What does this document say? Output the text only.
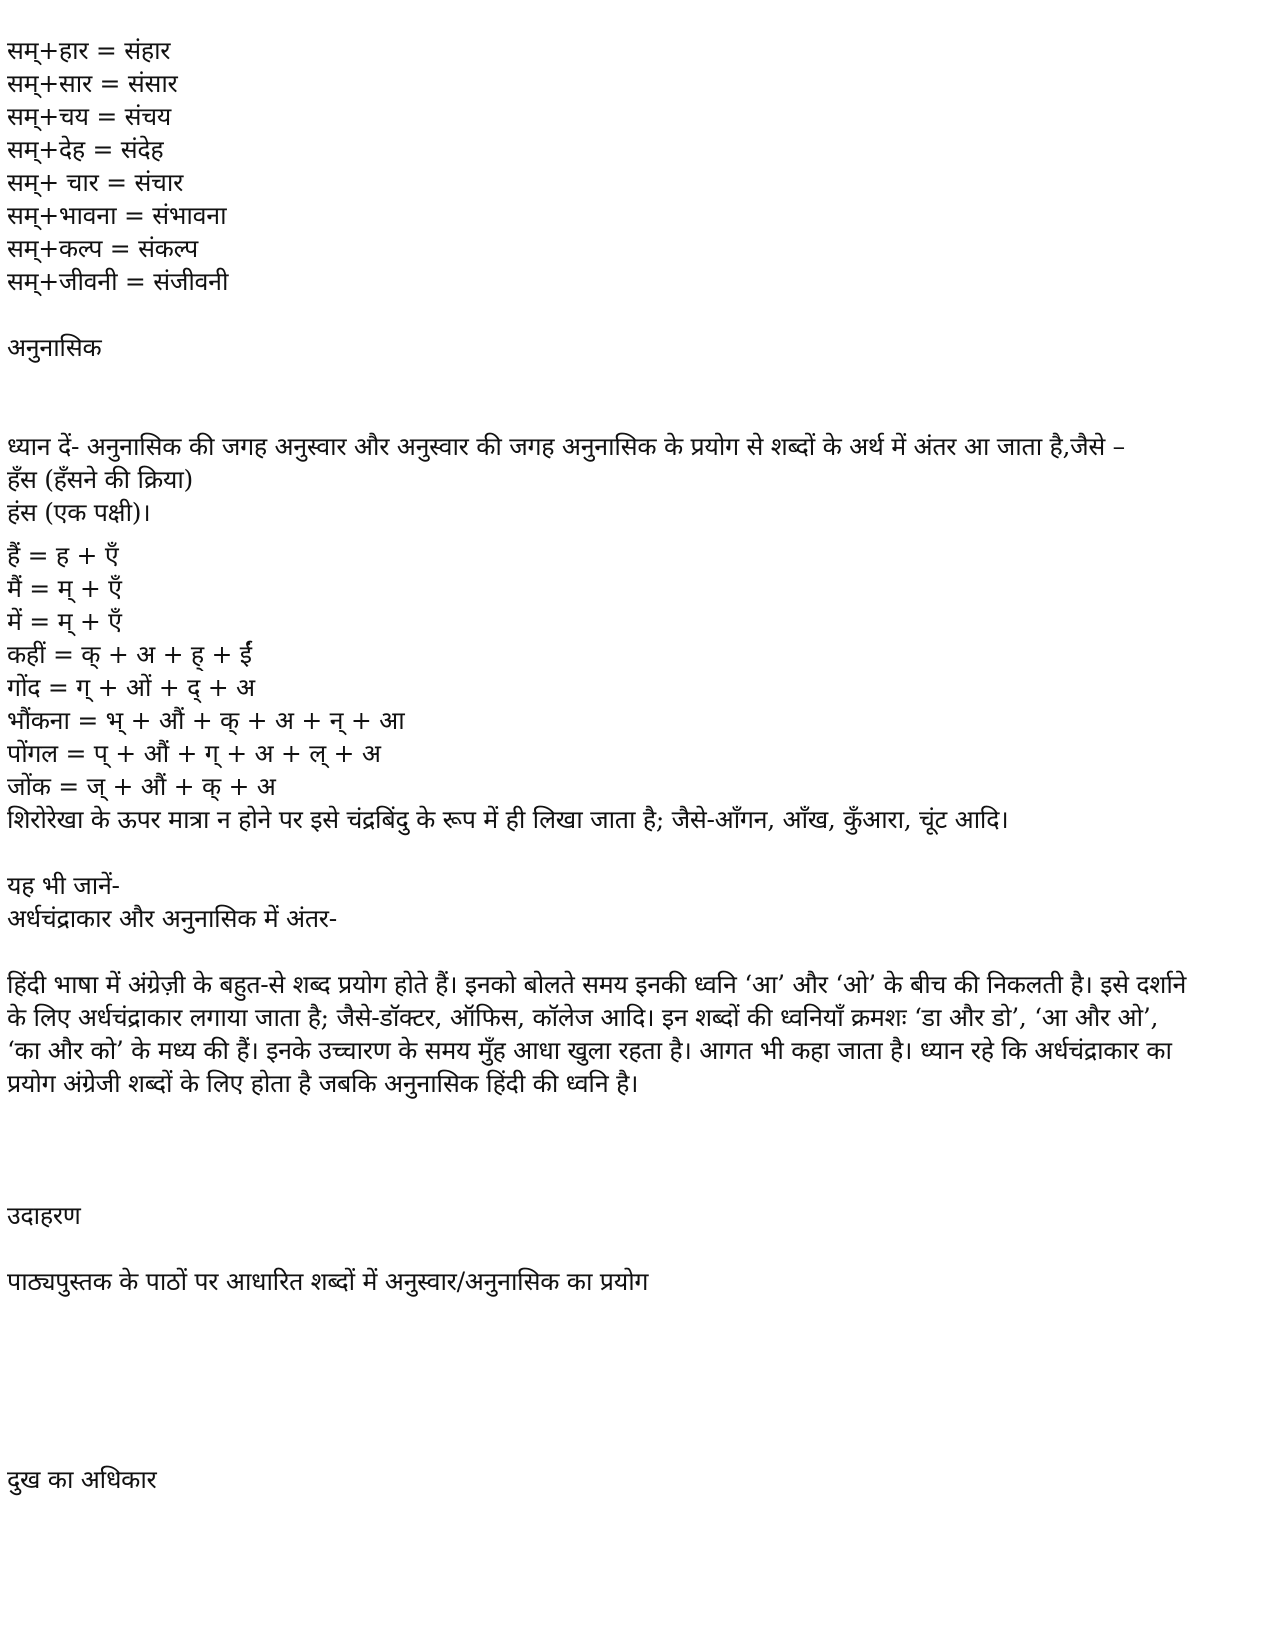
सम्+हार = संहार
सम्+सार = संसार
सम्+चय = संचय
सम्+देह = संदेह
सम्+ चार = संचार
सम्+भावना = संभावना
सम्+कल्प = संकल्प
सम्+जीवनी = संजीवनी
अनुनासिक
ध्यान दें- अनुनासिक की जगह अनुस्वार और अनुस्वार की जगह अनुनासिक के प्रयोग से शब्दों के अर्थ में अंतर आ जाता है,जैसे –
हँस (हँसने की क्रिया)
हंस (एक पक्षी)।
हैं = ह + ऍं
मैं = म् + ऍं
में = म् + ऍं
कहीं = क् + अ + ह् + ईं
गोंद = ग् + ओं + द् + अ
भौंकना = भ् + औं + क् + अ + न् + आ
पोंगल = प् + औं + ग् + अ + ल् + अ
जोंक = ज् + औं + क् + अ
शिरोरेखा के ऊपर मात्रा न होने पर इसे चंद्रबिंदु के रूप में ही लिखा जाता है; जैसे-आँगन, आँख, कुँआरा, चूंट आदि।
यह भी जानें-
अर्धचंद्राकार और अनुनासिक में अंतर-
हिंदी भाषा में अंग्रेज़ी के बहुत-से शब्द प्रयोग होते हैं। इनको बोलते समय इनकी ध्वनि ‘आ’ और ‘ओ’ के बीच की निकलती है। इसे दर्शाने
के लिए अर्धचंद्राकार लगाया जाता है; जैसे-डॉक्टर, ऑफिस, कॉलेज आदि। इन शब्दों की ध्वनियाँ क्रमशः ‘डा और डो’, ‘आ और ओ’,
‘का और को’ के मध्य की हैं। इनके उच्चारण के समय मुँह आधा खुला रहता है। आगत भी कहा जाता है। ध्यान रहे कि अर्धचंद्राकार का
प्रयोग अंग्रेजी शब्दों के लिए होता है जबकि अनुनासिक हिंदी की ध्वनि है।
उदाहरण
पाठ्यपुस्तक के पाठों पर आधारित शब्दों में अनुस्वार/अनुनासिक का प्रयोग
दुख का अधिकार
